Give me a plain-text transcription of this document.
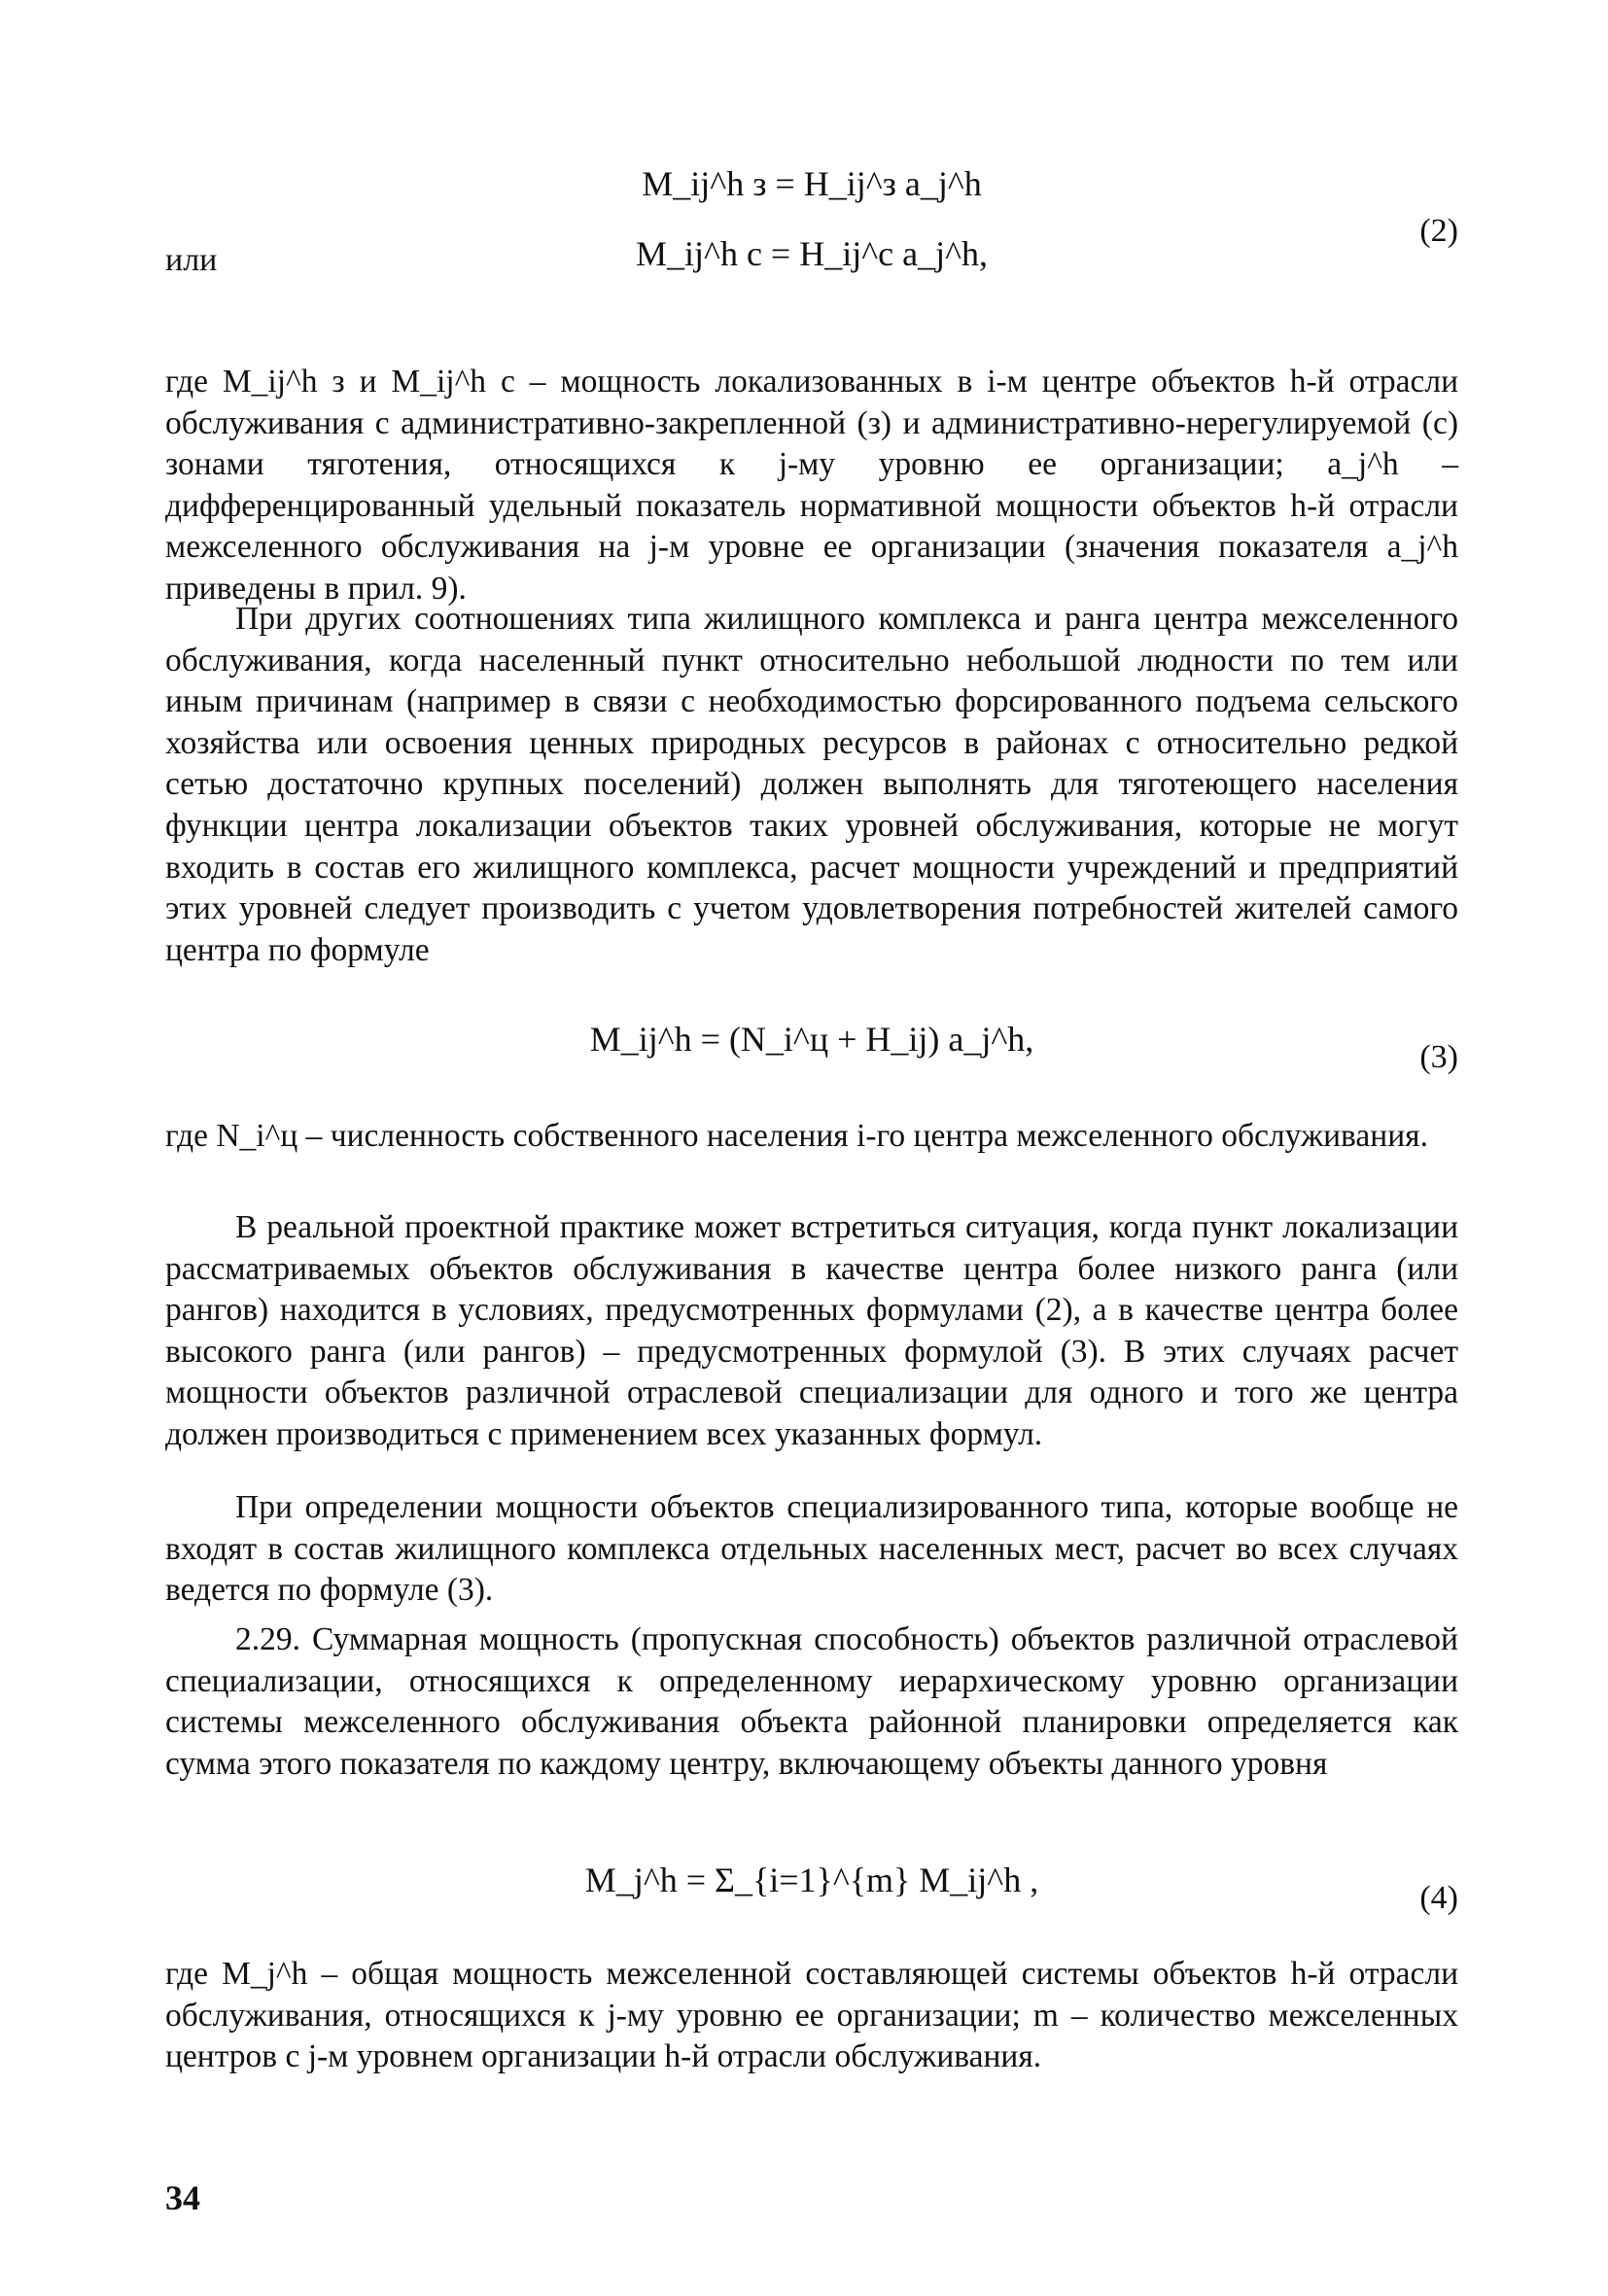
M_ij^h з = H_ij^з a_j^h
M_ij^h с = H_ij^с a_j^h,
или
(2)

где M_ij^h з и M_ij^h с – мощность локализованных в i-м центре объектов h-й отрасли обслуживания с административно-закрепленной (з) и административно-нерегулируемой (с) зонами тяготения, относящихся к j-му уровню ее организации; a_j^h – дифференцированный удельный показатель нормативной мощности объектов h-й отрасли межселенного обслуживания на j-м уровне ее организации (значения показателя a_j^h приведены в прил. 9).

При других соотношениях типа жилищного комплекса и ранга центра межселенного обслуживания, когда населенный пункт относительно небольшой людности по тем или иным причинам (например в связи с необходимостью форсированного подъема сельского хозяйства или освоения ценных природных ресурсов в районах с относительно редкой сетью достаточно крупных поселений) должен выполнять для тяготеющего населения функции центра локализации объектов таких уровней обслуживания, которые не могут входить в состав его жилищного комплекса, расчет мощности учреждений и предприятий этих уровней следует производить с учетом удовлетворения потребностей жителей самого центра по формуле

M_ij^h = (N_i^ц + H_ij) a_j^h,	(3)

где N_i^ц – численность собственного населения i-го центра межселенного обслуживания.

В реальной проектной практике может встретиться ситуация, когда пункт локализации рассматриваемых объектов обслуживания в качестве центра более низкого ранга (или рангов) находится в условиях, предусмотренных формулами (2), а в качестве центра более высокого ранга (или рангов) – предусмотренных формулой (3). В этих случаях расчет мощности объектов различной отраслевой специализации для одного и того же центра должен производиться с применением всех указанных формул.

При определении мощности объектов специализированного типа, которые вообще не входят в состав жилищного комплекса отдельных населенных мест, расчет во всех случаях ведется по формуле (3).

2.29. Суммарная мощность (пропускная способность) объектов различной отраслевой специализации, относящихся к определенному иерархическому уровню организации системы межселенного обслуживания объекта районной планировки определяется как сумма этого показателя по каждому центру, включающему объекты данного уровня

M_j^h = Σ_{i=1}^{m} M_ij^h ,	(4)

где M_j^h – общая мощность межселенной составляющей системы объектов h-й отрасли обслуживания, относящихся к j-му уровню ее организации; m – количество межселенных центров с j-м уровнем организации h-й отрасли обслуживания.

34
